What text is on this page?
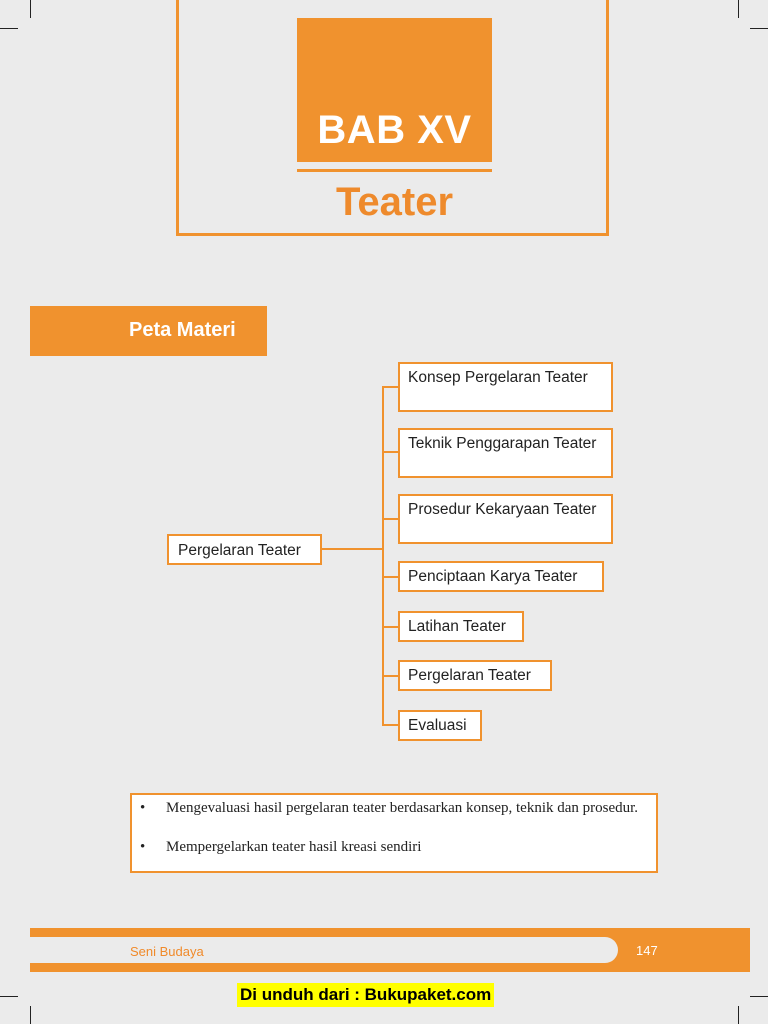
BAB XV
Teater
Peta Materi
Pergelaran Teater
Konsep Pergelaran Teater
Teknik Penggarapan Teater
Prosedur Kekaryaan Teater
Penciptaan Karya Teater
Latihan Teater
Pergelaran Teater
Evaluasi
• Mengevaluasi hasil pergelaran teater berdasarkan konsep, teknik dan prosedur.
• Mempergelarkan teater hasil kreasi sendiri
Seni Budaya	147
Di unduh dari : Bukupaket.com
